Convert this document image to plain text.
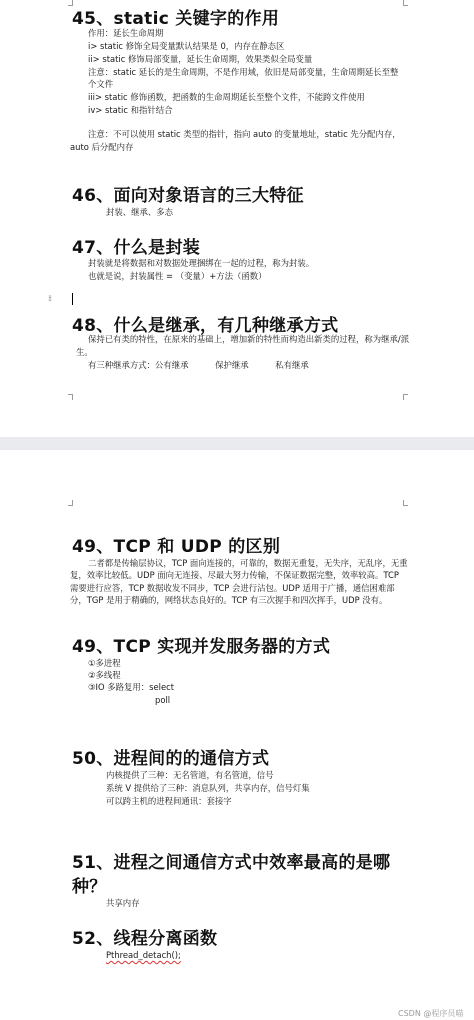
45、static 关键字的作用
作用：延长生命周期
i> static 修饰全局变量默认结果是 0，内存在静态区
ii> static 修饰局部变量，延长生命周期，效果类似全局变量
注意：static 延长的是生命周期，不是作用域，依旧是局部变量，生命周期延长至整
个文件
iii> static 修饰函数，把函数的生命周期延长至整个文件，不能跨文件使用
iv> static 和指针结合
注意：不可以使用 static 类型的指针，指向 auto 的变量地址，static 先分配内存，auto 后分配内存
46、面向对象语言的三大特征
封装、继承、多态
47、什么是封装
封装就是将数据和对数据处理捆绑在一起的过程，称为封装。
也就是说，封装属性 = （变量）+方法（函数）
⁞⁞
48、什么是继承，有几种继承方式
保持已有类的特性，在原来的基础上，增加新的特性而构造出新类的过程，称为继承/派生。
有三种继承方式：公有继承          保护继承          私有继承
49、TCP 和 UDP 的区别
二者都是传输层协议，TCP 面向连接的，可靠的，数据无重复，无失序，无乱序，无重复，效率比较低。UDP 面向无连接、尽最大努力传输，不保证数据完整，效率较高。TCP 需要进行应答，TCP 数据收发不同步，TCP 会进行沾包。UDP 适用于广播，通信困难部分，TGP 是用于精确的，网络状态良好的。TCP 有三次握手和四次挥手，UDP 没有。
49、TCP 实现并发服务器的方式
①多进程
②多线程
③IO 多路复用：select
poll
50、进程间的的通信方式
内核提供了三种：无名管道，有名管道，信号
系统 V 提供给了三种：消息队列，共享内存，信号灯集
可以跨主机的进程间通讯：套接字
51、进程之间通信方式中效率最高的是哪
种？
共享内存
52、线程分离函数
Pthread_detach();
CSDN @程序员喵
